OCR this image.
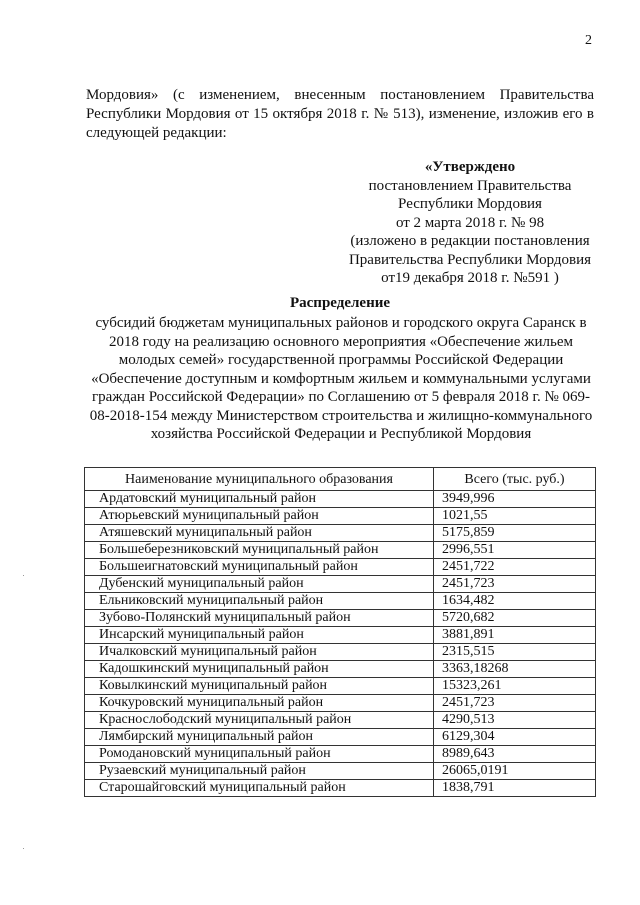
2

Мордовия» (с изменением, внесенным постановлением Правительства Республики Мордовия от 15 октября 2018 г. № 513), изменение, изложив его в следующей редакции:

«Утверждено
постановлением Правительства
Республики Мордовия
от 2 марта 2018 г. № 98
(изложено в редакции постановления
Правительства Республики Мордовия
от19 декабря 2018 г. №591 )
Распределение

субсидий бюджетам муниципальных районов и городского округа Саранск в 2018 году на реализацию основного мероприятия «Обеспечение жильем молодых семей» государственной программы Российской Федерации «Обеспечение доступным и комфортным жильем и коммунальными услугами граждан Российской Федерации» по Соглашению от 5 февраля 2018 г. № 069-08-2018-154 между Министерством строительства и жилищно-коммунального хозяйства Российской Федерации и Республикой Мордовия

Наименование муниципального образования	Всего (тыс. руб.)
Ардатовский муниципальный район	3949,996
Атюрьевский муниципальный район	1021,55
Атяшевский муниципальный район	5175,859
Большеберезниковский муниципальный район	2996,551
Большеигнатовский муниципальный район	2451,722
Дубенский муниципальный район	2451,723
Ельниковский муниципальный район	1634,482
Зубово-Полянский муниципальный район	5720,682
Инсарский муниципальный район	3881,891
Ичалковский муниципальный район	2315,515
Кадошкинский муниципальный район	3363,18268
Ковылкинский муниципальный район	15323,261
Кочкуровский муниципальный район	2451,723
Краснослободский муниципальный район	4290,513
Лямбирский муниципальный район	6129,304
Ромодановский муниципальный район	8989,643
Рузаевский муниципальный район	26065,0191
Старошайговский муниципальный район	1838,791
